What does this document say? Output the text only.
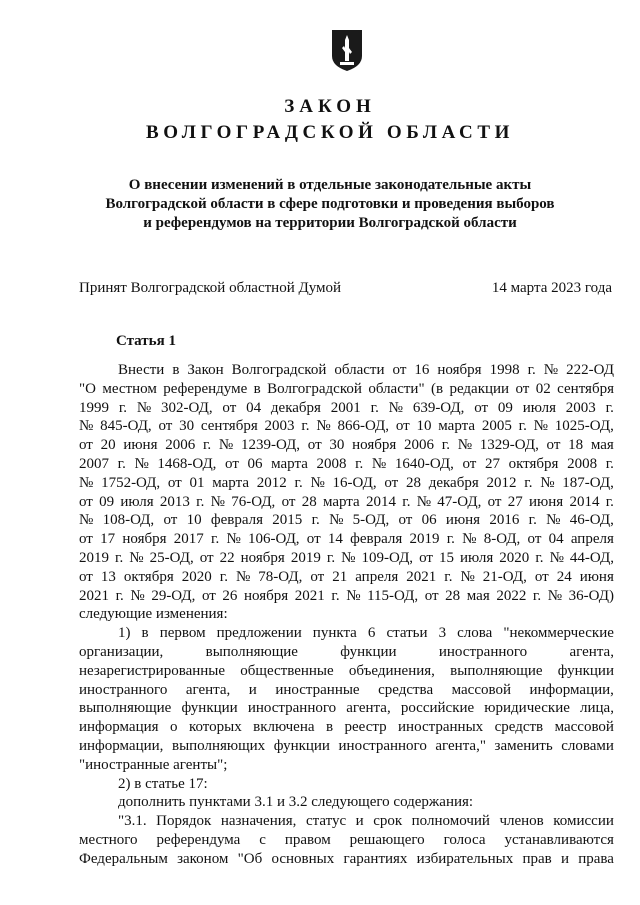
ЗАКОН
ВОЛГОГРАДСКОЙ ОБЛАСТИ
О внесении изменений в отдельные законодательные акты
Волгоградской области в сфере подготовки и проведения выборов
и референдумов на территории Волгоградской области
Принят Волгоградской областной Думой	14 марта 2023 года
Статья 1
Внести в Закон Волгоградской области от 16 ноября 1998 г. № 222-ОД
"О местном референдуме в Волгоградской области" (в редакции от 02 сентября
1999 г. № 302-ОД, от 04 декабря 2001 г. № 639-ОД, от 09 июля 2003 г.
№ 845-ОД, от 30 сентября 2003 г. № 866-ОД, от 10 марта 2005 г. № 1025-ОД,
от 20 июня 2006 г. № 1239-ОД, от 30 ноября 2006 г. № 1329-ОД, от 18 мая
2007 г. № 1468-ОД, от 06 марта 2008 г. № 1640-ОД, от 27 октября 2008 г.
№ 1752-ОД, от 01 марта 2012 г. № 16-ОД, от 28 декабря 2012 г. № 187-ОД,
от 09 июля 2013 г. № 76-ОД, от 28 марта 2014 г. № 47-ОД, от 27 июня 2014 г.
№ 108-ОД, от 10 февраля 2015 г. № 5-ОД, от 06 июня 2016 г. № 46-ОД,
от 17 ноября 2017 г. № 106-ОД, от 14 февраля 2019 г. № 8-ОД, от 04 апреля
2019 г. № 25-ОД, от 22 ноября 2019 г. № 109-ОД, от 15 июля 2020 г. № 44-ОД,
от 13 октября 2020 г. № 78-ОД, от 21 апреля 2021 г. № 21-ОД, от 24 июня
2021 г. № 29-ОД, от 26 ноября 2021 г. № 115-ОД, от 28 мая 2022 г. № 36-ОД)
следующие изменения:
1) в первом предложении пункта 6 статьи 3 слова "некоммерческие
организации,	выполняющие	функции	иностранного	агента,
незарегистрированные общественные объединения, выполняющие функции
иностранного агента, и иностранные средства массовой информации,
выполняющие функции иностранного агента, российские юридические лица,
информация о которых включена в реестр иностранных средств массовой
информации, выполняющих функции иностранного агента," заменить словами
"иностранные агенты";
2) в статье 17:
дополнить пунктами 3.1 и 3.2 следующего содержания:
"3.1. Порядок назначения, статус и срок полномочий членов комиссии
местного референдума с правом решающего голоса устанавливаются
Федеральным законом "Об основных гарантиях избирательных прав и права
